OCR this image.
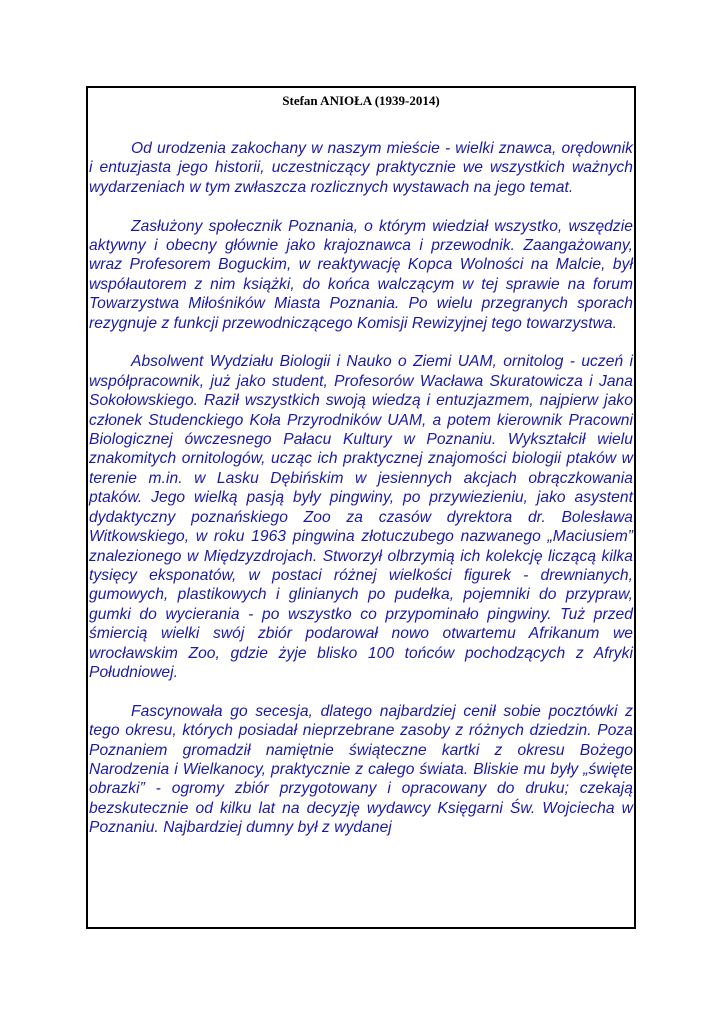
Stefan ANIOŁA (1939-2014)

Od urodzenia zakochany w naszym mieście - wielki znawca, orędownik i entuzjasta jego historii, uczestniczący praktycznie we wszystkich ważnych wydarzeniach w tym zwłaszcza rozlicznych wystawach na jego temat.

Zasłużony społecznik Poznania, o którym wiedział wszystko, wszędzie aktywny i obecny głównie jako krajoznawca i przewodnik. Zaangażowany, wraz Profesorem Boguckim, w reaktywację Kopca Wolności na Malcie, był współautorem z nim książki, do końca walczącym w tej sprawie na forum Towarzystwa Miłośników Miasta Poznania. Po wielu przegranych sporach rezygnuje z funkcji przewodniczącego Komisji Rewizyjnej tego towarzystwa.

Absolwent Wydziału Biologii i Nauko o Ziemi UAM, ornitolog - uczeń i współpracownik, już jako student, Profesorów Wacława Skuratowicza i Jana Sokołowskiego. Raził wszystkich swoją wiedzą i entuzjazmem, najpierw jako członek Studenckiego Koła Przyrodników UAM, a potem kierownik Pracowni Biologicznej ówczesnego Pałacu Kultury w Poznaniu. Wykształcił wielu znakomitych ornitologów, ucząc ich praktycznej znajomości biologii ptaków w terenie m.in. w Lasku Dębińskim w jesiennych akcjach obrączkowania ptaków. Jego wielką pasją były pingwiny, po przywiezieniu, jako asystent dydaktyczny poznańskiego Zoo za czasów dyrektora dr. Bolesława Witkowskiego, w roku 1963 pingwina złotuczubego nazwanego „Maciusiem” znalezionego w Międzyzdrojach. Stworzył olbrzymią ich kolekcję liczącą kilka tysięcy eksponatów, w postaci różnej wielkości figurek - drewnianych, gumowych, plastikowych i glinianych po pudełka, pojemniki do przypraw, gumki do wycierania - po wszystko co przypominało pingwiny. Tuż przed śmiercią wielki swój zbiór podarował nowo otwartemu Afrikanum we wrocławskim Zoo, gdzie żyje blisko 100 tońców pochodzących z Afryki Południowej.

Fascynowała go secesja, dlatego najbardziej cenił sobie pocztówki z tego okresu, których posiadał nieprzebrane zasoby z różnych dziedzin. Poza Poznaniem gromadził namiętnie świąteczne kartki z okresu Bożego Narodzenia i Wielkanocy, praktycznie z całego świata. Bliskie mu były „święte obrazki” - ogromy zbiór przygotowany i opracowany do druku; czekają bezskutecznie od kilku lat na decyzję wydawcy Księgarni Św. Wojciecha w Poznaniu. Najbardziej dumny był z wydanej
